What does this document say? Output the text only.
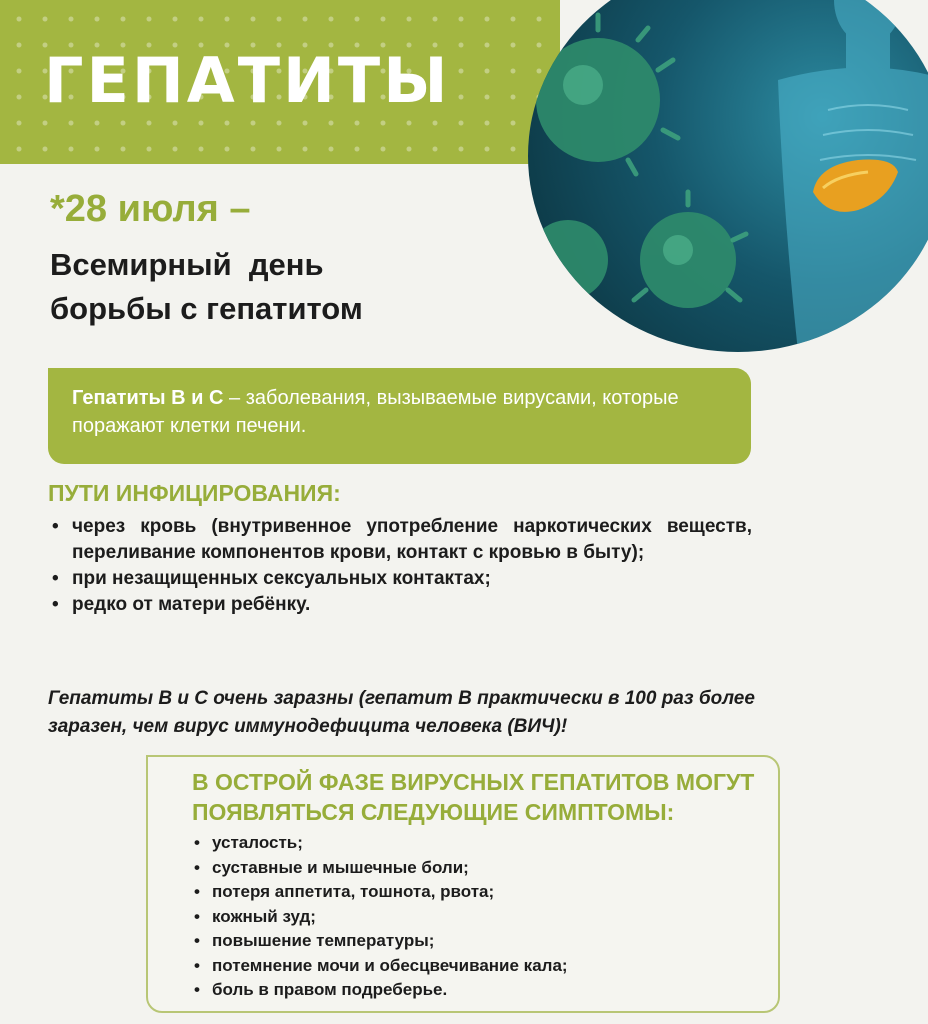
ГЕПАТИТЫ
*28 июля –
Всемирный  день
борьбы с гепатитом
Гепатиты В и С – заболевания, вызываемые вирусами, которые поражают клетки печени.
ПУТИ ИНФИЦИРОВАНИЯ:
• через кровь (внутривенное употребление наркотических веществ, переливание компонентов крови, контакт с кровью в быту);
• при незащищенных сексуальных контактах;
• редко от матери ребёнку.
Гепатиты В и С очень заразны (гепатит В практически в 100 раз более заразен, чем вирус иммунодефицита человека (ВИЧ)!
В ОСТРОЙ ФАЗЕ ВИРУСНЫХ ГЕПАТИТОВ МОГУТ ПОЯВЛЯТЬСЯ СЛЕДУЮЩИЕ СИМПТОМЫ:
• усталость;
• суставные и мышечные боли;
• потеря аппетита, тошнота, рвота;
• кожный зуд;
• повышение температуры;
• потемнение мочи и обесцвечивание кала;
• боль в правом подреберье.
